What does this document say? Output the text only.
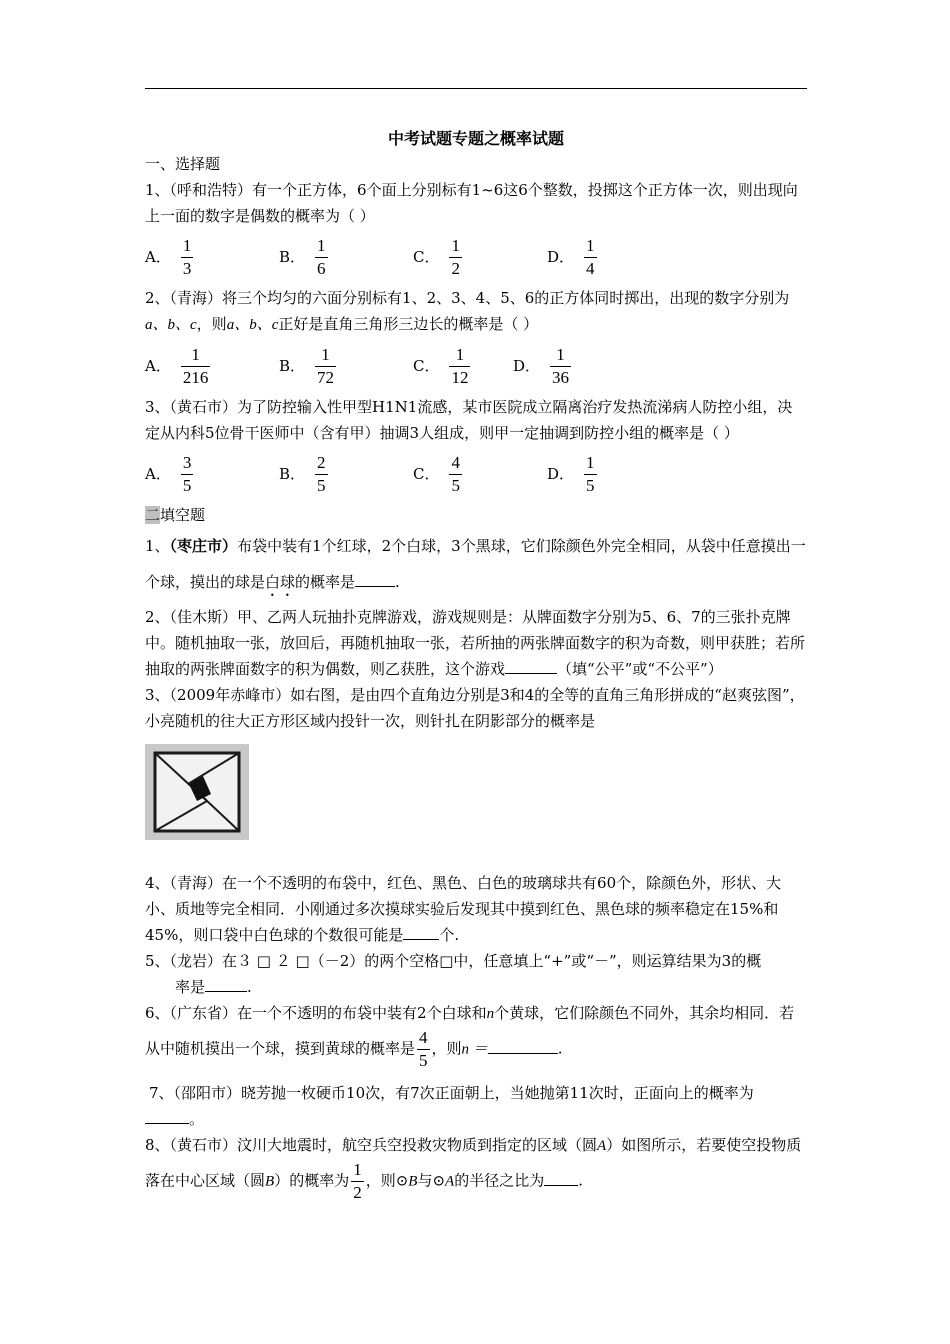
中考试题专题之概率试题

一、选择题

1、（呼和浩特）有一个正方体，6个面上分别标有1~6这6个整数，投掷这个正方体一次，则出现向上一面的数字是偶数的概率为（ ）

A． $\frac{1}{3}$	B． $\frac{1}{6}$	C． $\frac{1}{2}$	D． $\frac{1}{4}$

2、（青海）将三个均匀的六面分别标有1、2、3、4、5、6的正方体同时掷出，出现的数字分别为a、b、c，则a、b、c正好是直角三角形三边长的概率是（ ）

A． $\frac{1}{216}$	B． $\frac{1}{72}$	C． $\frac{1}{12}$	D． $\frac{1}{36}$

3、（黄石市）为了防控输入性甲型H1N1流感，某市医院成立隔离治疗发热流涕病人防控小组，决定从内科5位骨干医师中（含有甲）抽调3人组成，则甲一定抽调到防控小组的概率是（ ）

A． $\frac{3}{5}$	B． $\frac{2}{5}$	C． $\frac{4}{5}$	D． $\frac{1}{5}$

二填空题

1、（枣庄市）布袋中装有1个红球，2个白球，3个黑球，它们除颜色外完全相同，从袋中任意摸出一个球，摸出的球是白球的概率是	.

2、（佳木斯）甲、乙两人玩抽扑克牌游戏，游戏规则是：从牌面数字分别为5、6、7的三张扑克牌中。随机抽取一张，放回后，再随机抽取一张，若所抽的两张牌面数字的积为奇数，则甲获胜；若所抽取的两张牌面数字的积为偶数，则乙获胜，这个游戏	（填“公平”或“不公平”）

3、（2009年赤峰市）如右图，是由四个直角边分别是3和4的全等的直角三角形拼成的“赵爽弦图”，小亮随机的往大正方形区域内投针一次，则针扎在阴影部分的概率是

4、（青海）在一个不透明的布袋中，红色、黑色、白色的玻璃球共有60个，除颜色外，形状、大小、质地等完全相同．小刚通过多次摸球实验后发现其中摸到红色、黑色球的频率稳定在15%和45%，则口袋中白色球的个数很可能是 个.

5、（龙岩）在３ □ ２ □（－2）的两个空格□中，任意填上“+”或“－”，则运算结果为3的概
率是	.

6、（广东省）在一个不透明的布袋中装有2个白球和n个黄球，它们除颜色不同外，其余均相同．若从中随机摸出一个球，摸到黄球的概率是 $\frac{4}{5}$ ，则n ＝	.

7、（邵阳市）晓芳抛一枚硬币10次，有7次正面朝上，当她抛第11次时，正面向上的概率为
。

8、（黄石市）汶川大地震时，航空兵空投救灾物质到指定的区域（圆A）如图所示，若要使空投物质落在中心区域（圆B）的概率为 $\frac{1}{2}$ ，则⊙B与⊙A的半径之比为 .
